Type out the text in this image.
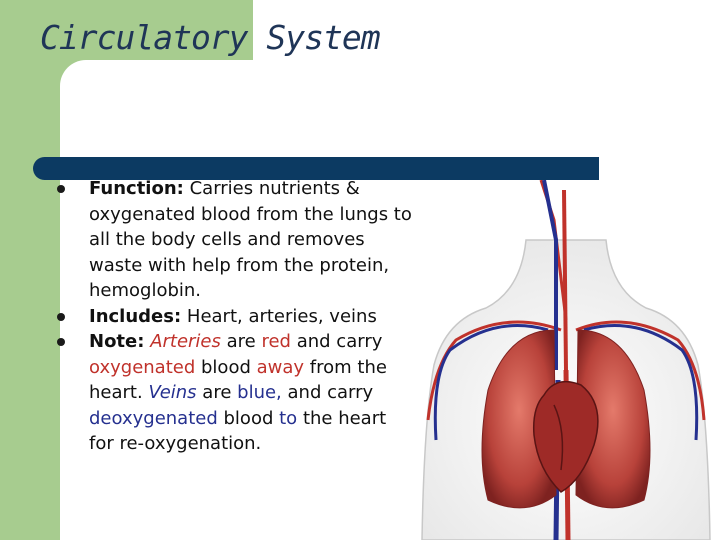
Circulatory System

Function: Carries nutrients & oxygenated blood from the lungs to all the body cells and removes waste with help from the protein, hemoglobin.

Includes: Heart, arteries, veins

Note: Arteries are red and carry oxygenated blood away from the heart. Veins are blue, and carry deoxygenated blood to the heart for re-oxygenation.
